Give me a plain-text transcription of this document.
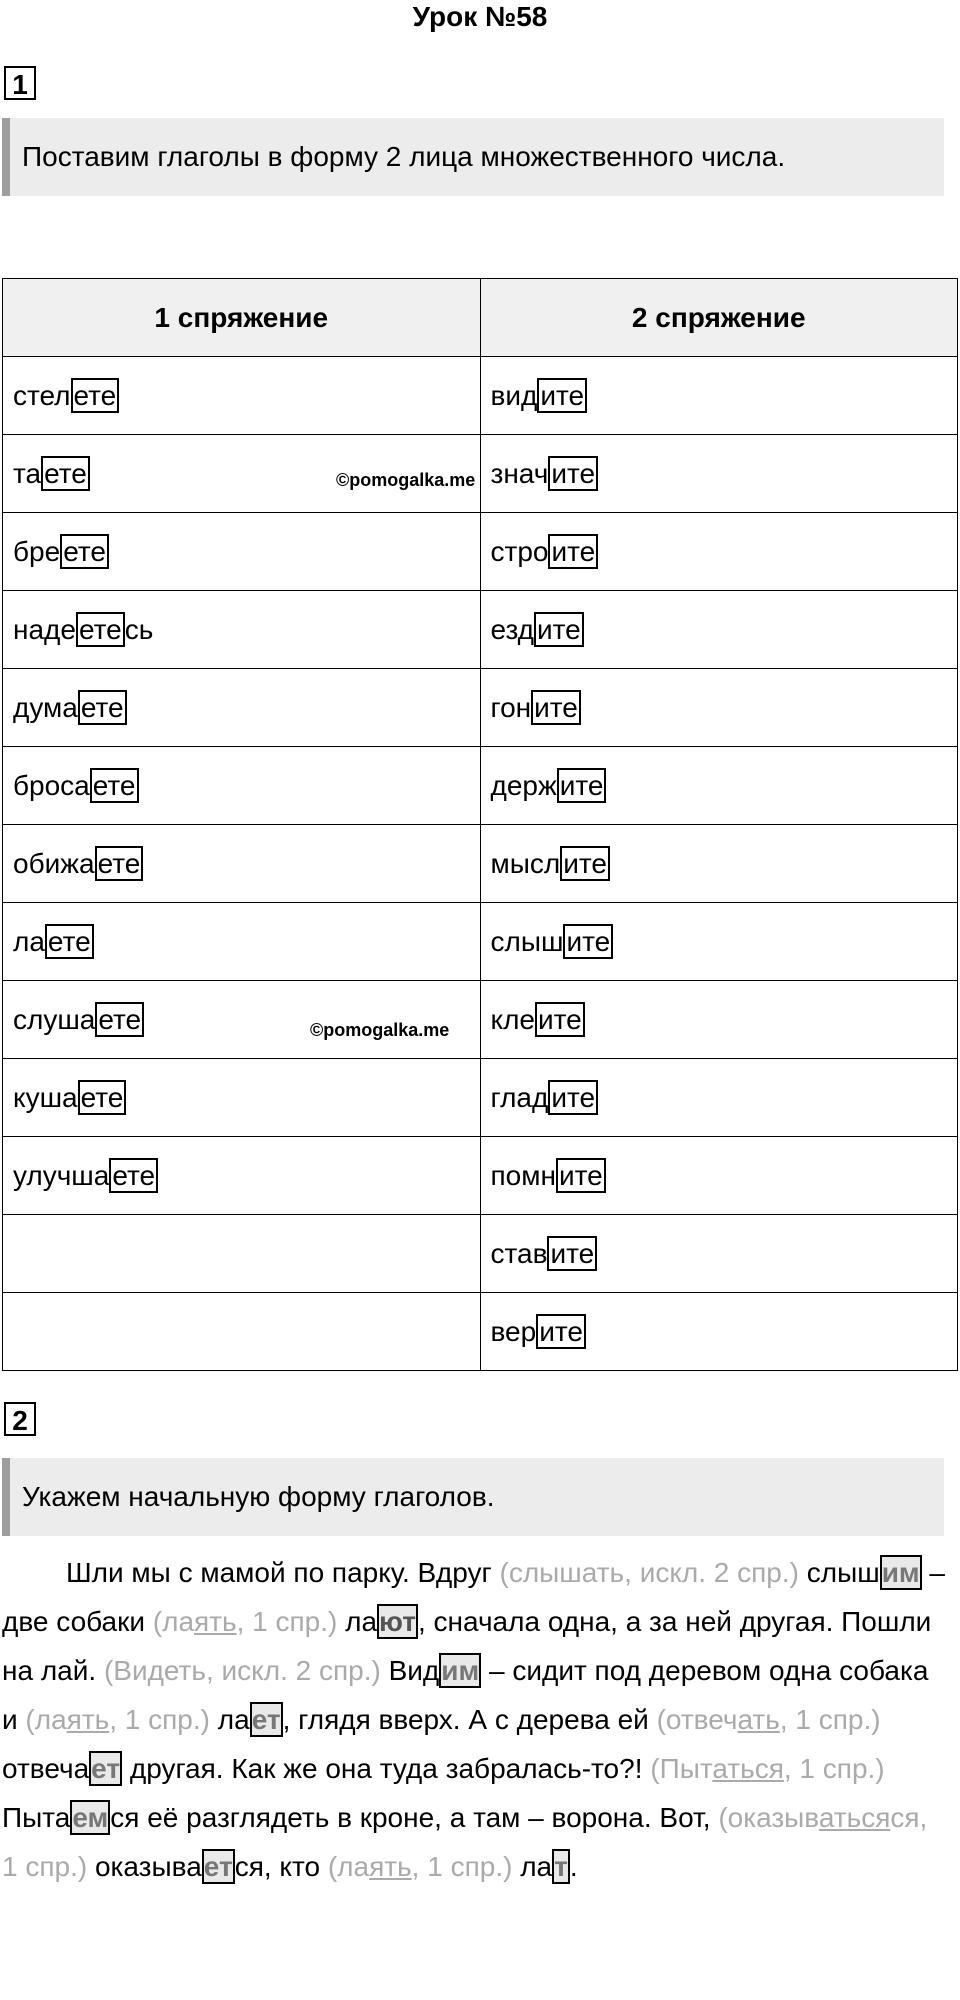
Урок №58
1
Поставим глаголы в форму 2 лица множественного числа.
1 спряжение	2 спряжение
стел ете	вид ите
та ете	знач ите
бре ете	стро ите
наде ете сь	езд ите
дума ете	гон ите
броса ете	держ ите
обижа ете	мысл ите
ла ете	слыш ите
слуша ете	кле ите
куша ете	глад ите
улучша ете	помн ите
	став ите
	вер ите
©pomogalka.me
©pomogalka.me
2
Укажем начальную форму глаголов.

Шли мы с мамой по парку. Вдруг (слышать, искл. 2 спр.) слышим – две собаки (лаять, 1 спр.) лают, сначала одна, а за ней другая. Пошли на лай. (Видеть, искл. 2 спр.) Видим – сидит под деревом одна собака и (лаять, 1 спр.) лает, глядя вверх. А с дерева ей (отвечать, 1 спр.) отвечает другая. Как же она туда забралась-то?! (Пытаться, 1 спр.) Пытаемся её разглядеть в кроне, а там – ворона. Вот, (оказыватьсяся, 1 спр.) оказывается, кто (лаять, 1 спр.) лат.
